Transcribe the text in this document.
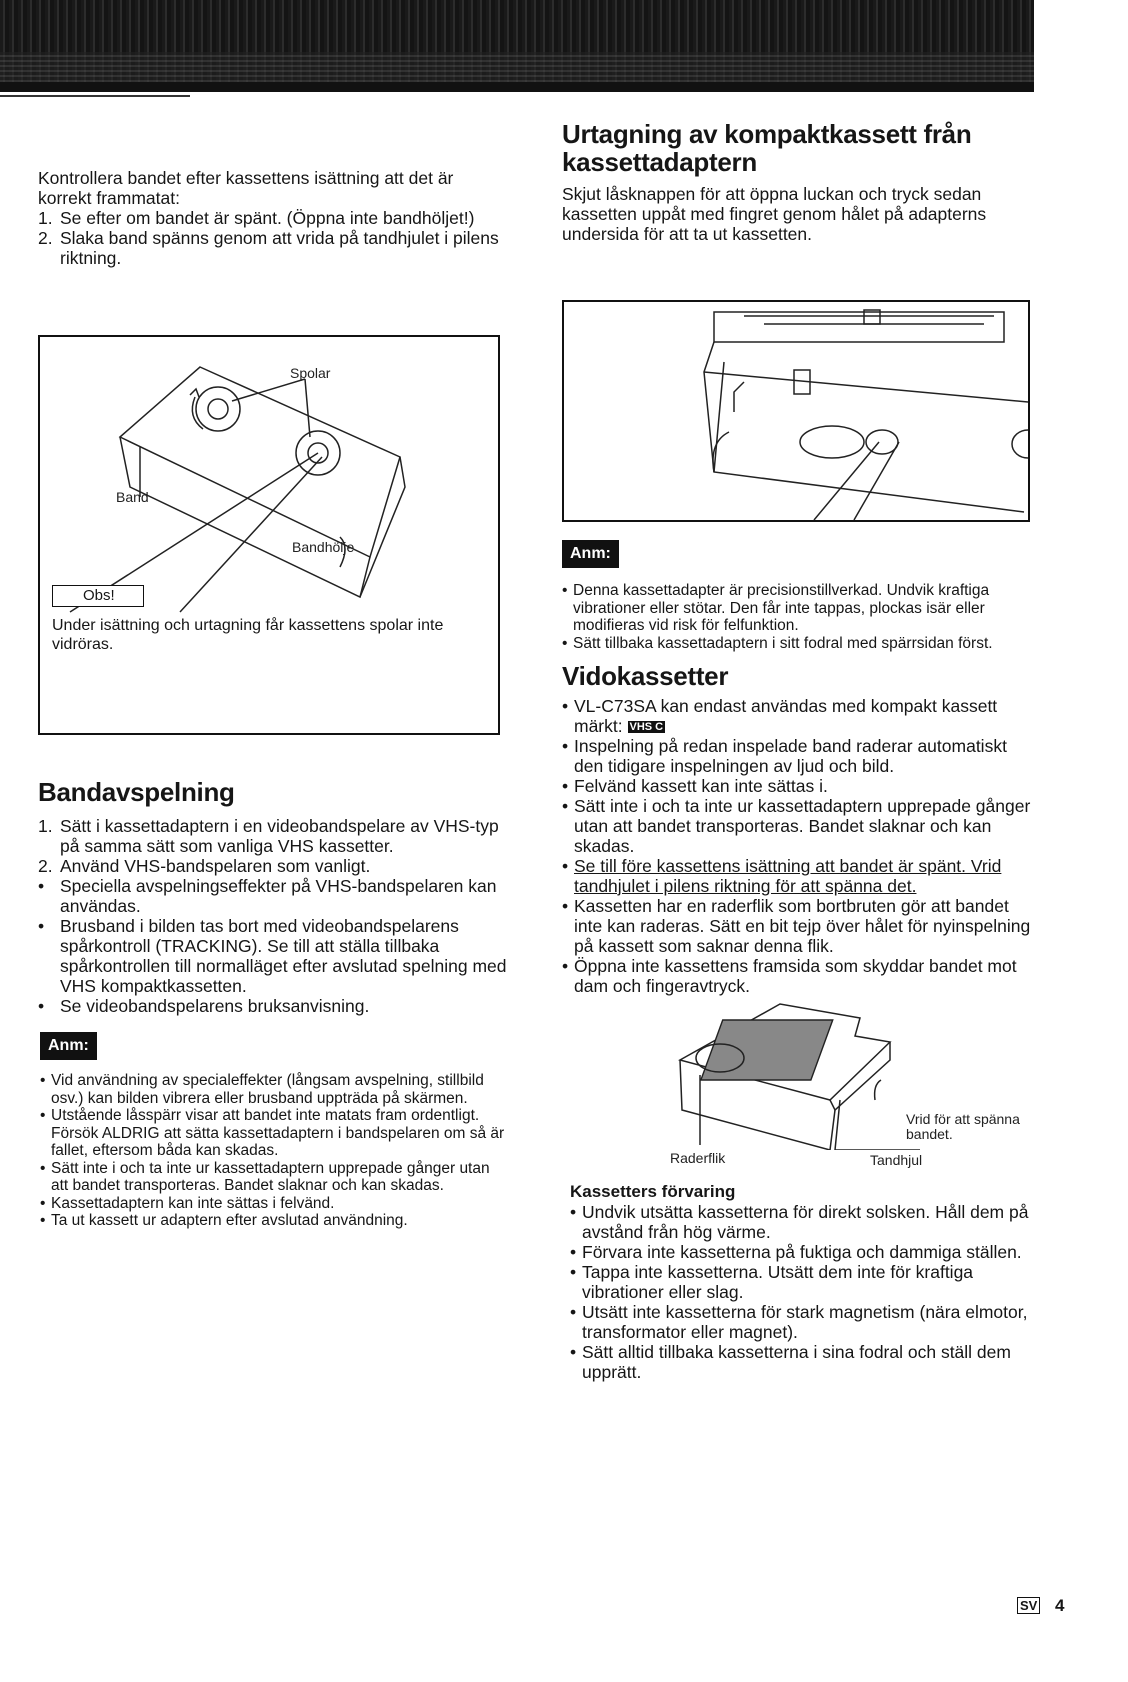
Kontrollera bandet efter kassettens isättning att det är korrekt frammatat:

1. Se efter om bandet är spänt. (Öppna inte bandhöljet!)
2. Slaka band spänns genom att vrida på tandhjulet i pilens riktning.
Spolar
Band
Bandhölje
Obs!

Under isättning och urtagning får kassettens spolar inte vidröras.

Bandavspelning
1. Sätt i kassettadaptern i en videobandspelare av VHS-typ på samma sätt som vanliga VHS kassetter.
2. Använd VHS-bandspelaren som vanligt.
• Speciella avspelningseffekter på VHS-bandspelaren kan användas.
• Brusband i bilden tas bort med videobandspelarens spårkontroll (TRACKING). Se till att ställa tillbaka spårkontrollen till normalläget efter avslutad spelning med VHS kompaktkassetten.
• Se videobandspelarens bruksanvisning.
Anm:
• Vid användning av specialeffekter (långsam avspelning, stillbild osv.) kan bilden vibrera eller brusband uppträda på skärmen.
• Utstående låsspärr visar att bandet inte matats fram ordentligt. Försök ALDRIG att sätta kassettadaptern i bandspelaren om så är fallet, eftersom båda kan skadas.
• Sätt inte i och ta inte ur kassettadaptern upprepade gånger utan att bandet transporteras. Bandet slaknar och kan skadas.
• Kassettadaptern kan inte sättas i felvänd.
• Ta ut kassett ur adaptern efter avslutad användning.
Urtagning av kompaktkassett från kassettadaptern

Skjut låsknappen för att öppna luckan och tryck sedan kassetten uppåt med fingret genom hålet på adapterns undersida för att ta ut kassetten.

Anm:
• Denna kassettadapter är precisionstillverkad. Undvik kraftiga vibrationer eller stötar. Den får inte tappas, plockas isär eller modifieras vid risk för felfunktion.
• Sätt tillbaka kassettadaptern i sitt fodral med spärrsidan först.
Vidokassetter
• VL-C73SA kan endast användas med kompakt kassett märkt: VHS C
• Inspelning på redan inspelade band raderar automatiskt den tidigare inspelningen av ljud och bild.
• Felvänd kassett kan inte sättas i.
• Sätt inte i och ta inte ur kassettadaptern upprepade gånger utan att bandet transporteras. Bandet slaknar och kan skadas.
• Se till före kassettens isättning att bandet är spänt. Vrid tandhjulet i pilens riktning för att spänna det.
• Kassetten har en raderflik som bortbruten gör att bandet inte kan raderas. Sätt en bit tejp över hålet för nyinspelning på kassett som saknar denna flik.
• Öppna inte kassettens framsida som skyddar bandet mot dam och fingeravtryck.
Vrid för att spänna bandet.
Raderflik	Tandhjul
Kassetters förvaring
• Undvik utsätta kassetterna för direkt solsken. Håll dem på avstånd från hög värme.
• Förvara inte kassetterna på fuktiga och dammiga ställen.
• Tappa inte kassetterna. Utsätt dem inte för kraftiga vibrationer eller slag.
• Utsätt inte kassetterna för stark magnetism (nära elmotor, transformator eller magnet).
• Sätt alltid tillbaka kassetterna i sina fodral och ställ dem upprätt.
SV 4
